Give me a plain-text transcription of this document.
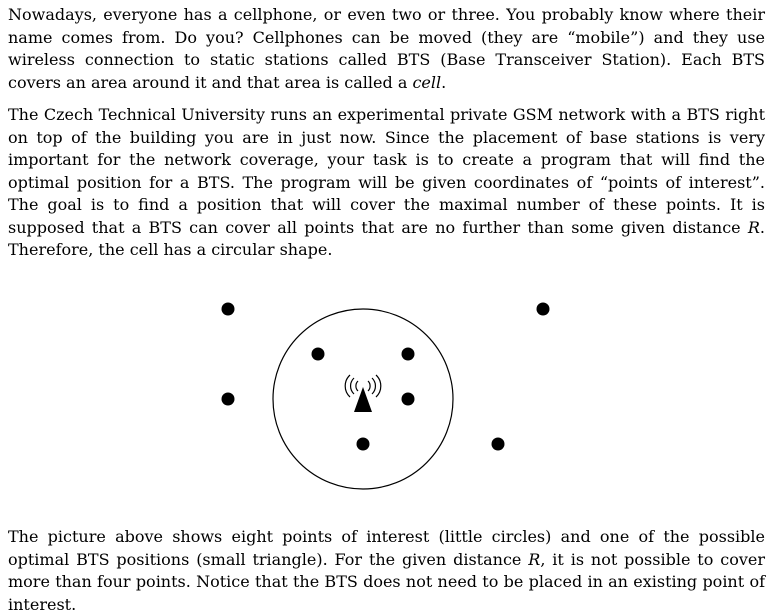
Nowadays, everyone has a cellphone, or even two or three. You probably know where their name comes from. Do you? Cellphones can be moved (they are “mobile”) and they use wireless connection to static stations called BTS (Base Transceiver Station). Each BTS covers an area around it and that area is called a cell.

The Czech Technical University runs an experimental private GSM network with a BTS right on top of the building you are in just now. Since the placement of base stations is very important for the network coverage, your task is to create a program that will find the optimal position for a BTS. The program will be given coordinates of “points of interest”. The goal is to find a position that will cover the maximal number of these points. It is supposed that a BTS can cover all points that are no further than some given distance R. Therefore, the cell has a circular shape.

The picture above shows eight points of interest (little circles) and one of the possible optimal BTS positions (small triangle). For the given distance R, it is not possible to cover more than four points. Notice that the BTS does not need to be placed in an existing point of interest.
